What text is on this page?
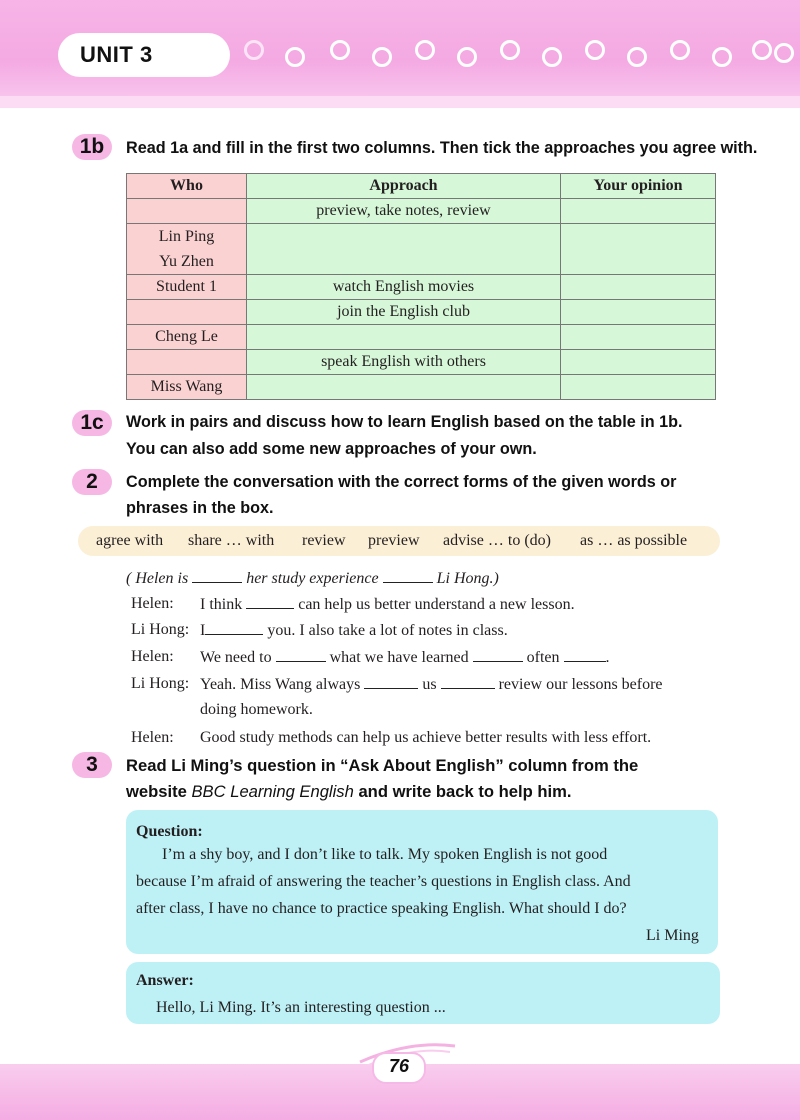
UNIT 3
1b	Read 1a and fill in the first two columns. Then tick the approaches you agree with.
Who	Approach	Your opinion
	preview, take notes, review	

Lin Ping
Yu Zhen		

Student 1	watch English movies	
	join the English club	
Cheng Le		
	speak English with others	
Miss Wang		
1c	Work in pairs and discuss how to learn English based on the table in 1b.
You can also add some new approaches of your own.
2	Complete the conversation with the correct forms of the given words or
phrases in the box.
agree with share … with review preview advise … to (do) as … as possible
( Helen is	her study experience	Li Hong.)
Helen: I think	can help us better understand a new lesson.
Li Hong: I	you. I also take a lot of notes in class.
Helen: We need to	what we have learned	often	.
Li Hong: Yeah. Miss Wang always	us	review our lessons before
doing homework.
Helen: Good study methods can help us achieve better results with less effort.
3	Read Li Ming’s question in “Ask About English” column from the
website BBC Learning English and write back to help him.
Question:
I’m a shy boy, and I don’t like to talk. My spoken English is not good
because I’m afraid of answering the teacher’s questions in English class. And
after class, I have no chance to practice speaking English. What should I do?
Li Ming
Answer:
Hello, Li Ming. It’s an interesting question ...
76
